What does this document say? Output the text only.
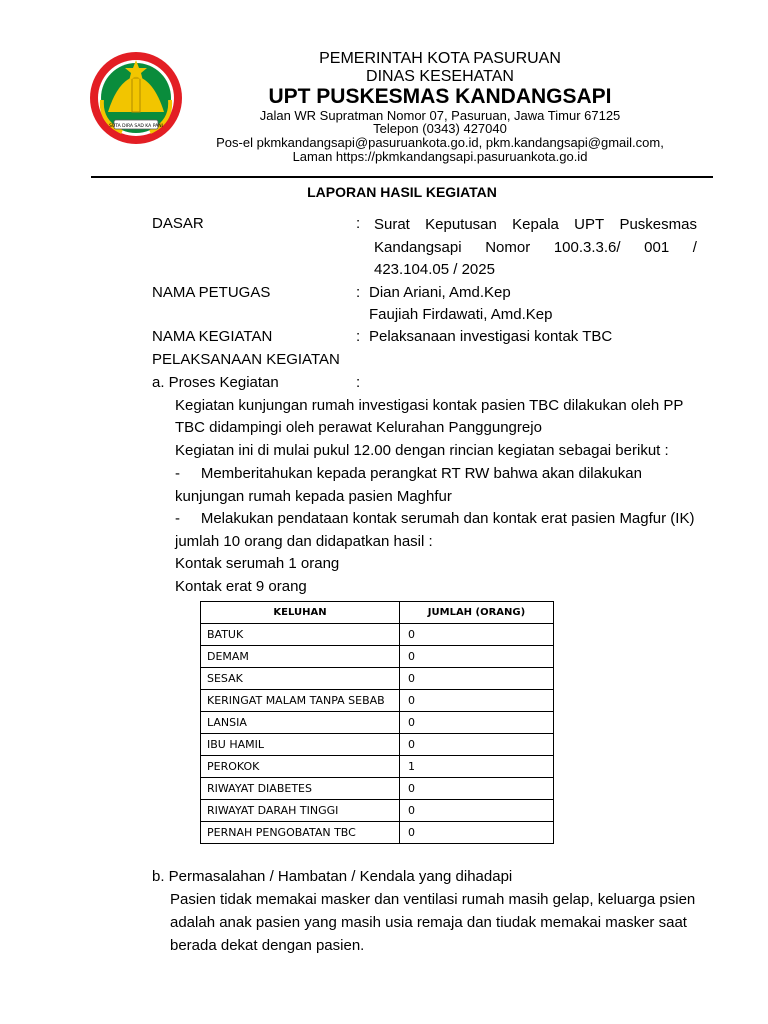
SUTA DIRA SAD KA PANI
PEMERINTAH KOTA PASURUAN
DINAS KESEHATAN
UPT PUSKESMAS KANDANGSAPI
Jalan WR Supratman Nomor 07, Pasuruan, Jawa Timur 67125
Telepon (0343) 427040
Pos-el pkmkandangsapi@pasuruankota.go.id, pkm.kandangsapi@gmail.com,
Laman https://pkmkandangsapi.pasuruankota.go.id
LAPORAN HASIL KEGIATAN
DASAR	: Surat Keputusan Kepala UPT Puskesmas
Kandangsapi Nomor 100.3.3.6/ 001 /
423.104.05 / 2025
NAMA PETUGAS	: Dian Ariani, Amd.Kep
Faujiah Firdawati, Amd.Kep
NAMA KEGIATAN	: Pelaksanaan investigasi kontak TBC
PELAKSANAAN KEGIATAN
a. Proses Kegiatan	:
Kegiatan kunjungan rumah investigasi kontak pasien TBC dilakukan oleh PP
TBC didampingi oleh perawat Kelurahan Panggungrejo
Kegiatan ini di mulai pukul 12.00 dengan rincian kegiatan sebagai berikut :
-     Memberitahukan kepada perangkat RT RW bahwa akan dilakukan
kunjungan rumah kepada pasien Maghfur
-     Melakukan pendataan kontak serumah dan kontak erat pasien Magfur (IK)
jumlah 10 orang dan didapatkan hasil :
Kontak serumah 1 orang
Kontak erat 9 orang
KELUHAN	JUMLAH (ORANG)
BATUK	0
DEMAM	0
SESAK	0
KERINGAT MALAM TANPA SEBAB	0
LANSIA	0
IBU HAMIL	0
PEROKOK	1
RIWAYAT DIABETES	0
RIWAYAT DARAH TINGGI	0
PERNAH PENGOBATAN TBC	0
b. Permasalahan / Hambatan / Kendala yang dihadapi
Pasien tidak memakai masker dan ventilasi rumah masih gelap, keluarga psien
adalah anak pasien yang masih usia remaja dan tiudak memakai masker saat
berada dekat dengan pasien.
